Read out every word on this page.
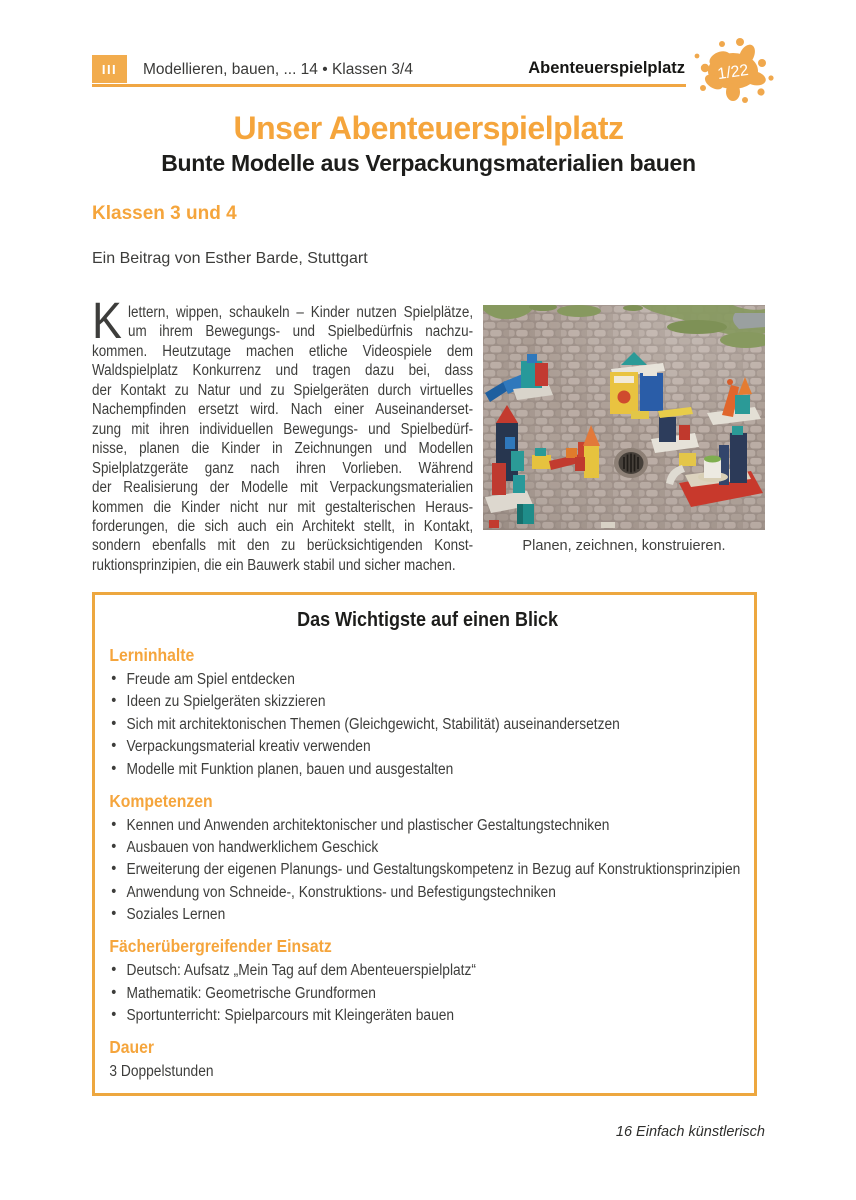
III	Modellieren, bauen, ... 14 • Klassen 3/4	Abenteuerspielplatz 1/22
Unser Abenteuerspielplatz
Bunte Modelle aus Verpackungsmaterialien bauen
Klassen 3 und 4
Ein Beitrag von Esther Barde, Stuttgart
K lettern, wippen, schaukeln – Kinder nutzen Spielplätze,
um ihrem Bewegungs- und Spielbedürfnis nachzu-
kommen. Heutzutage machen etliche Videospiele dem
Waldspielplatz Konkurrenz und tragen dazu bei, dass
der Kontakt zu Natur und zu Spielgeräten durch virtuelles
Nachempfinden ersetzt wird. Nach einer Auseinanderset-
zung mit ihren individuellen Bewegungs- und Spielbedürf-
nisse, planen die Kinder in Zeichnungen und Modellen
Spielplatzgeräte ganz nach ihren Vorlieben. Während
der Realisierung der Modelle mit Verpackungsmaterialien
kommen die Kinder nicht nur mit gestalterischen Heraus-
forderungen, die sich auch ein Architekt stellt, in Kontakt,
sondern ebenfalls mit den zu berücksichtigenden Konst-
ruktionsprinzipien, die ein Bauwerk stabil und sicher machen.
Planen, zeichnen, konstruieren.
Das Wichtigste auf einen Blick
Lerninhalte
• Freude am Spiel entdecken
• Ideen zu Spielgeräten skizzieren
• Sich mit architektonischen Themen (Gleichgewicht, Stabilität) auseinandersetzen
• Verpackungsmaterial kreativ verwenden
• Modelle mit Funktion planen, bauen und ausgestalten
Kompetenzen
• Kennen und Anwenden architektonischer und plastischer Gestaltungstechniken
• Ausbauen von handwerklichem Geschick
• Erweiterung der eigenen Planungs- und Gestaltungskompetenz in Bezug auf Konstruktionsprinzipien
• Anwendung von Schneide-, Konstruktions- und Befestigungstechniken
• Soziales Lernen
Fächerübergreifender Einsatz
• Deutsch: Aufsatz „Mein Tag auf dem Abenteuerspielplatz“
• Mathematik: Geometrische Grundformen
• Sportunterricht: Spielparcours mit Kleingeräten bauen
Dauer
3 Doppelstunden
16 Einfach künstlerisch
